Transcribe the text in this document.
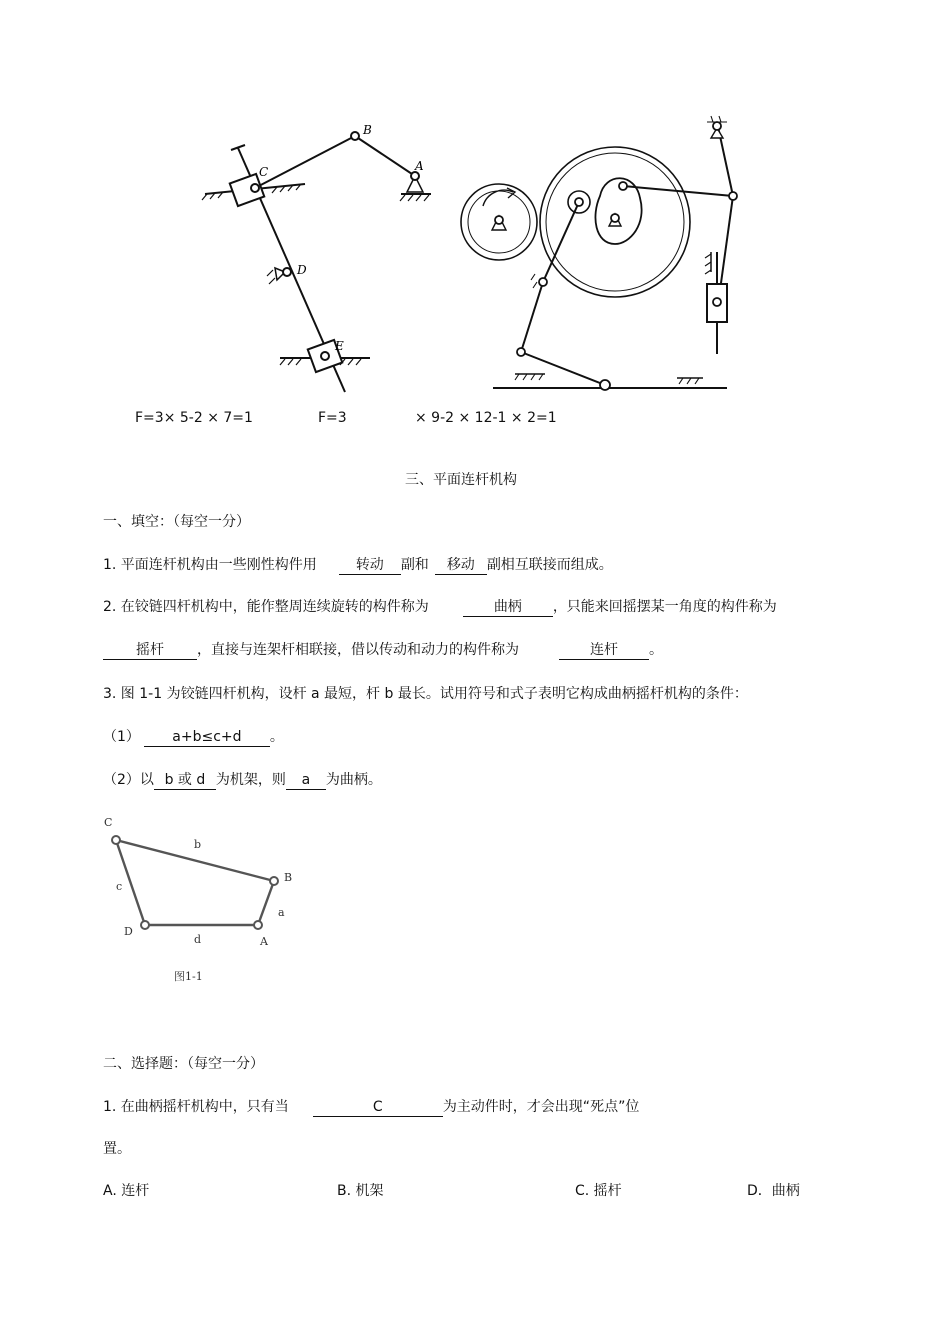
B
A
C
D
E
F=3× 5-2 × 7=1	F=3	× 9-2 × 12-1 × 2=1
三、平面连杆机构
一、填空：（每空一分）
1. 平面连杆机构由一些刚性构件用	转动 副和 移动 副相互联接而组成。
2. 在铰链四杆机构中，能作整周连续旋转的构件称为	曲柄 ，只能来回摇摆某一角度的构件称为
摇杆 ，直接与连架杆相联接，借以传动和动力的构件称为	连杆 。
3. 图 1-1 为铰链四杆机构，设杆 a 最短，杆 b 最长。试用符号和式子表明它构成曲柄摇杆机构的条件：
（1） a+b≤c+d 。
（2）以 b 或 d 为机架，则 a 为曲柄。
C
B
D
A
b
c
a
d
图1-1
二、选择题：（每空一分）
1. 在曲柄摇杆机构中，只有当	C	为主动件时，才会出现“死点”位
置。
A. 连杆	B. 机架	C. 摇杆	D．曲柄
